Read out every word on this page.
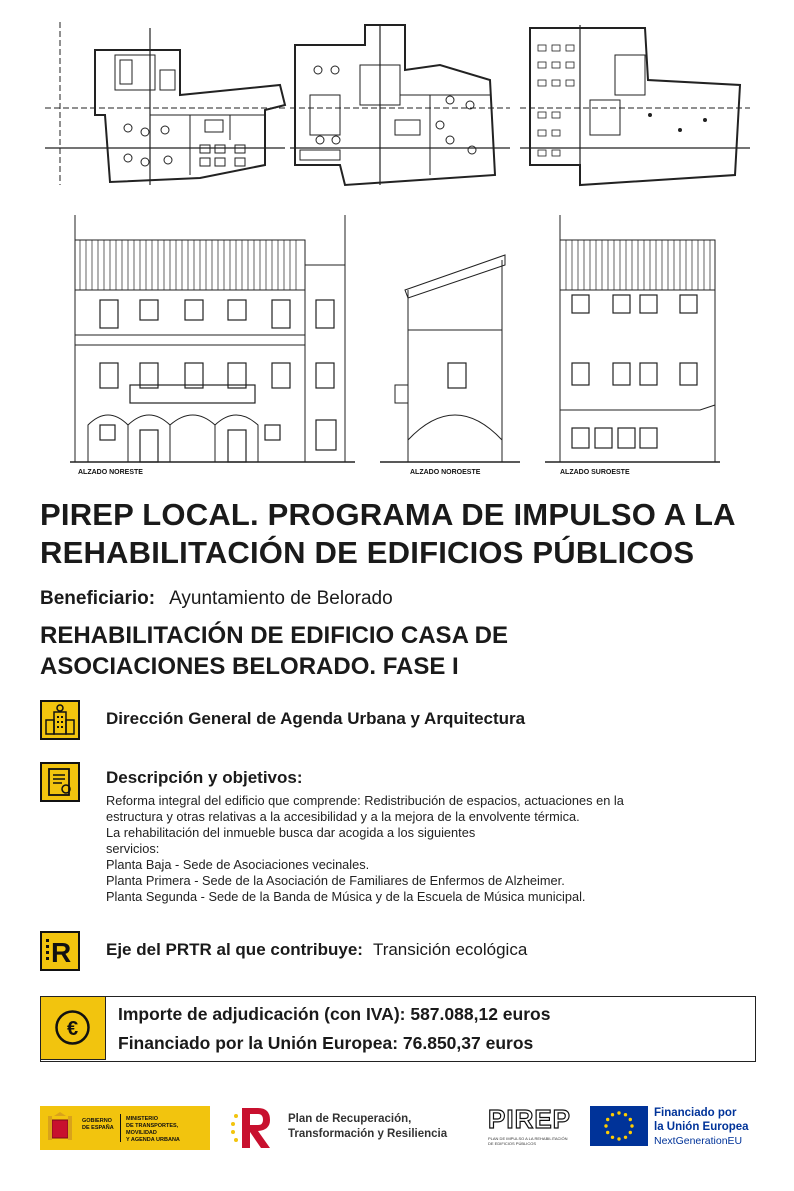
ALZADO NORESTE	ALZADO NOROESTE	ALZADO SUROESTE
PIREP LOCAL. PROGRAMA DE IMPULSO A LA
REHABILITACIÓN DE EDIFICIOS PÚBLICOS
Beneficiario: Ayuntamiento de Belorado
REHABILITACIÓN DE EDIFICIO CASA DE
ASOCIACIONES BELORADO. FASE I
Dirección General de Agenda Urbana y Arquitectura
Descripción y objetivos:
Reforma integral del edificio que comprende: Redistribución de espacios, actuaciones en la
estructura y otras relativas a la accesibilidad y a la mejora de la envolvente térmica.
La rehabilitación del inmueble busca dar acogida a los siguientes
servicios:
Planta Baja - Sede de Asociaciones vecinales.
Planta Primera - Sede de la Asociación de Familiares de Enfermos de Alzheimer.
Planta Segunda - Sede de la Banda de Música y de la Escuela de Música municipal.
R Eje del PRTR al que contribuye: Transición ecológica
€
Importe de adjudicación (con IVA): 587.088,12 euros
Financiado por la Unión Europea: 76.850,37 euros
GOBIERNO
DE ESPAÑA
MINISTERIO
DE TRANSPORTES, MOVILIDAD
Y AGENDA URBANA
Plan de Recuperación,
Transformación y Resiliencia PIREP
PLAN DE IMPULSO A LA REHABILITACIÓN
DE EDIFICIOS PÚBLICOS
Financiado por
la Unión Europea
NextGenerationEU
